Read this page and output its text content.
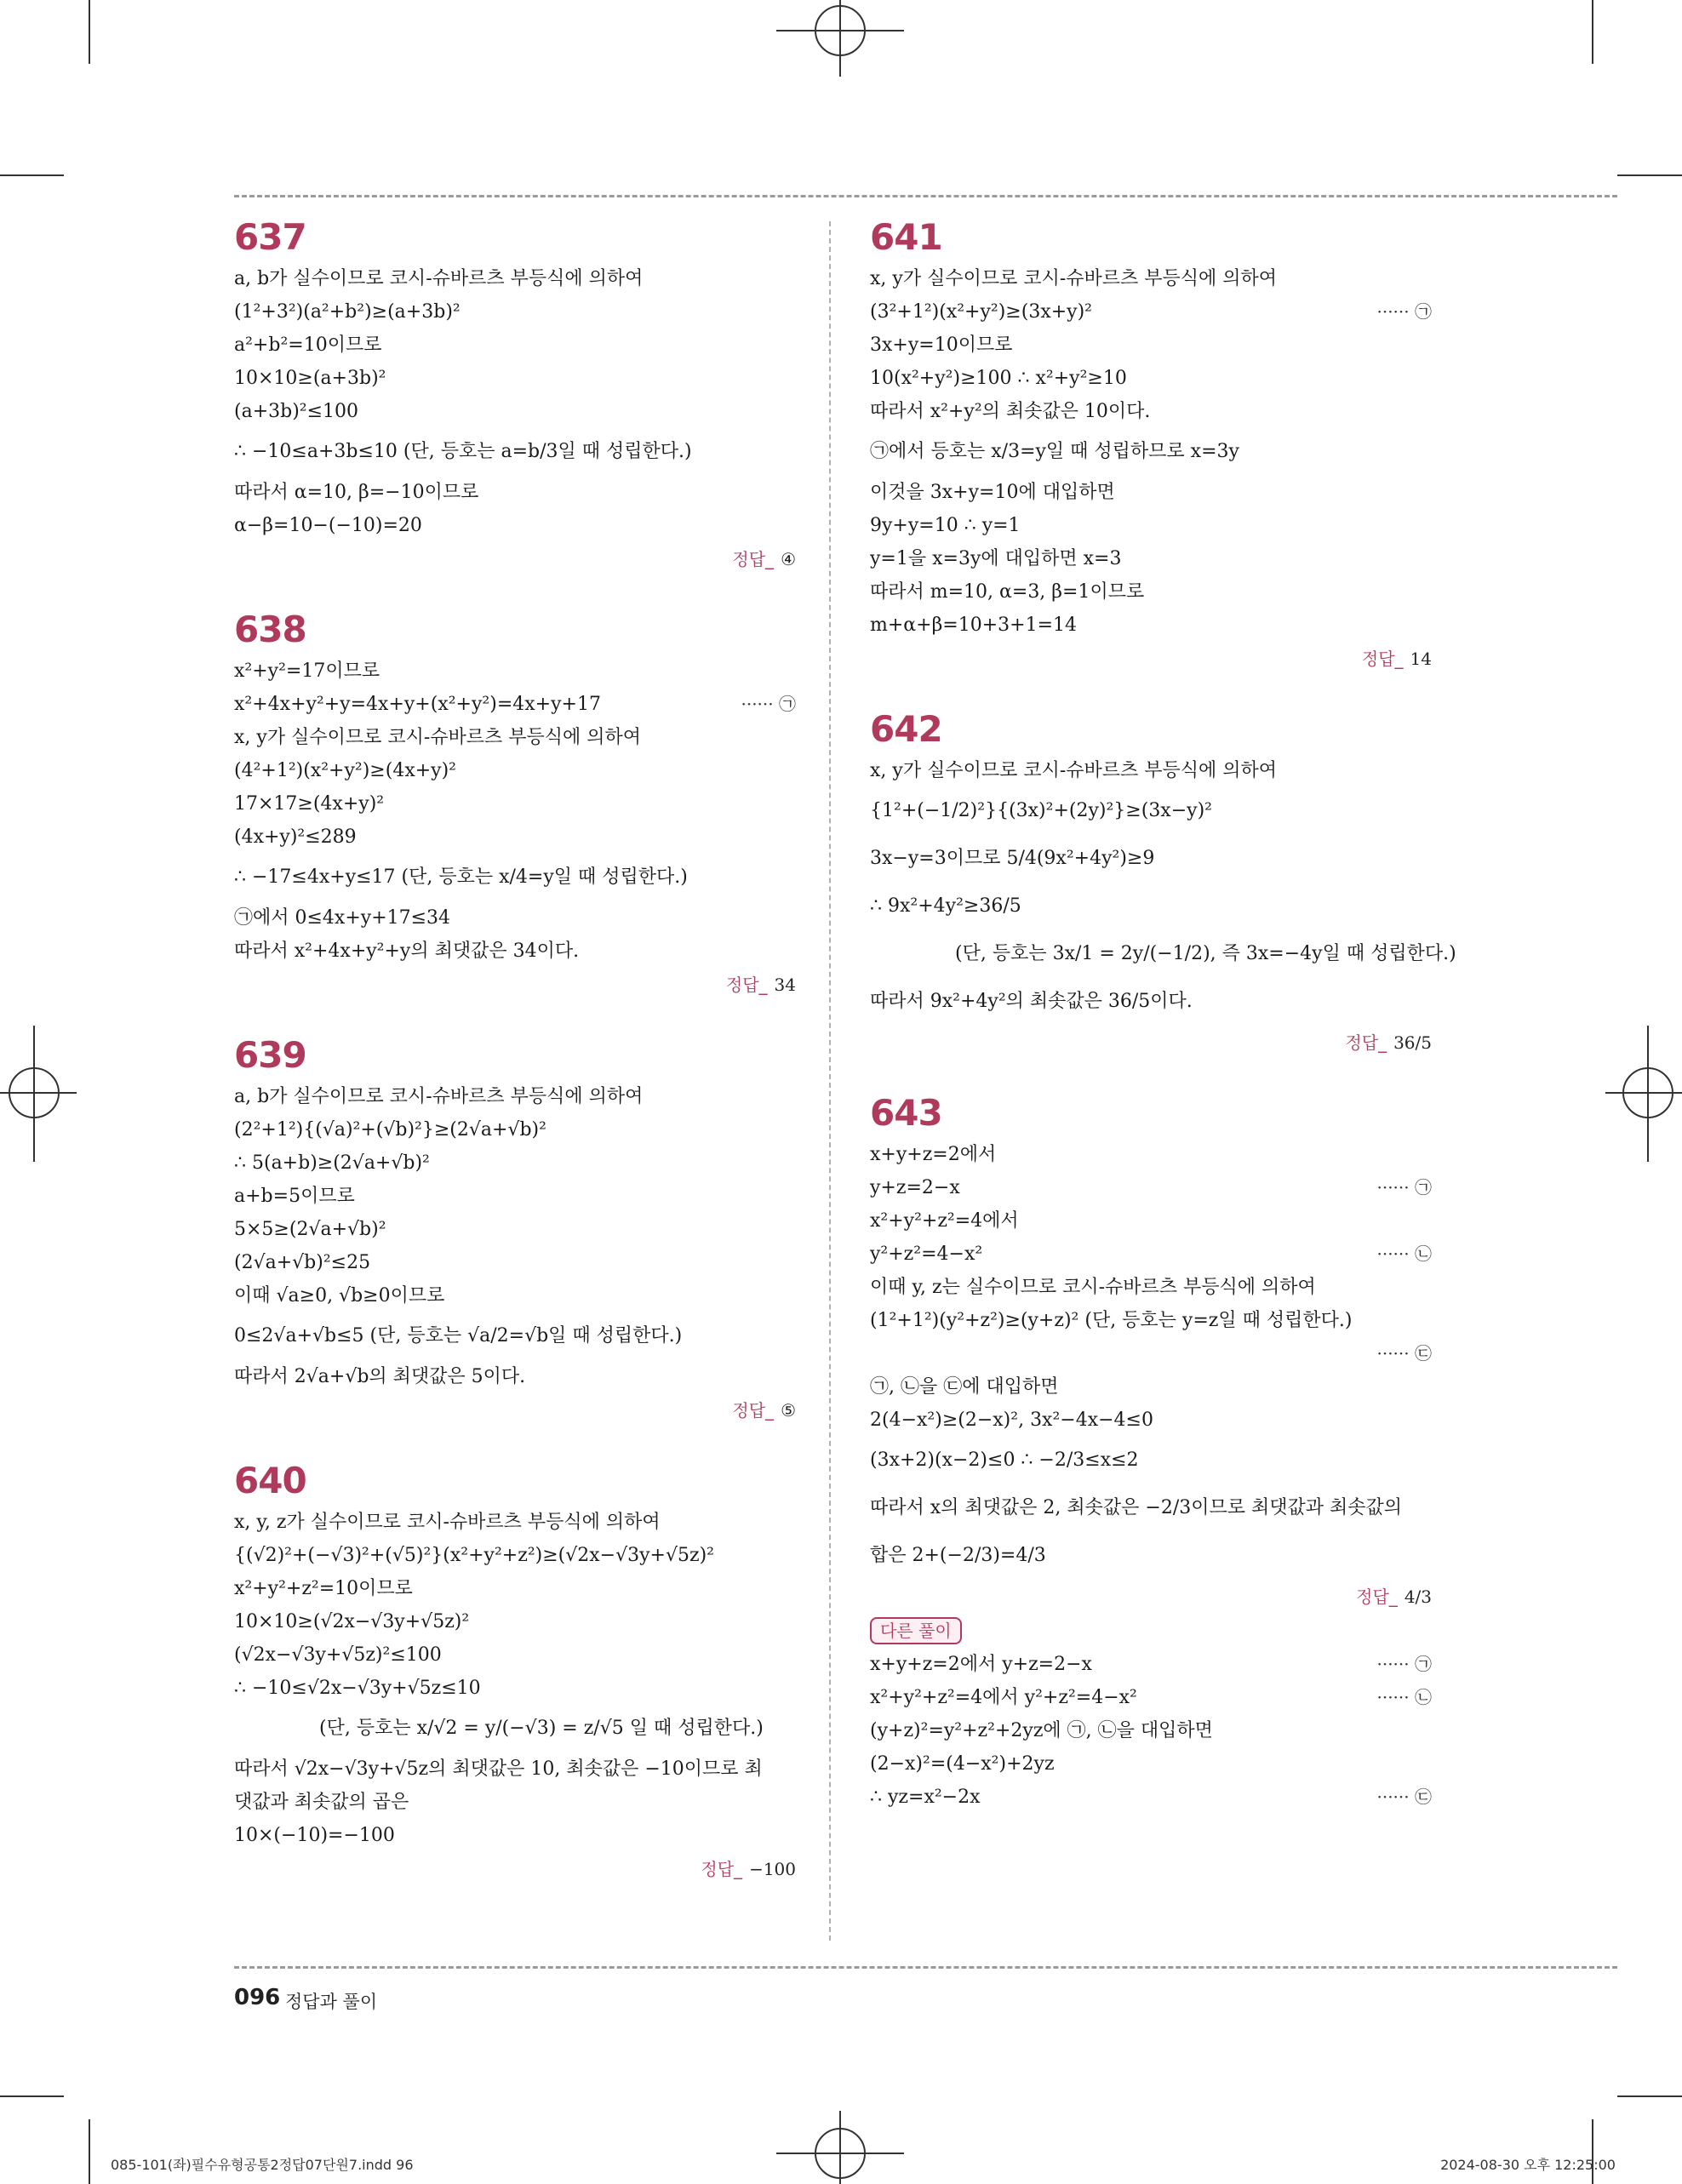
637
a, b가 실수이므로 코시-슈바르츠 부등식에 의하여
(1²+3²)(a²+b²)≥(a+3b)²
a²+b²=10이므로
10×10≥(a+3b)²
(a+3b)²≤100
∴ −10≤a+3b≤10 (단, 등호는 a=b/3일 때 성립한다.)
따라서 α=10, β=−10이므로
α−β=10−(−10)=20
정답_ ④
638
x²+y²=17이므로
x²+4x+y²+y=4x+y+(x²+y²)=4x+y+17	······ ㉠
x, y가 실수이므로 코시-슈바르츠 부등식에 의하여
(4²+1²)(x²+y²)≥(4x+y)²
17×17≥(4x+y)²
(4x+y)²≤289
∴ −17≤4x+y≤17 (단, 등호는 x/4=y일 때 성립한다.)
㉠에서 0≤4x+y+17≤34
따라서 x²+4x+y²+y의 최댓값은 34이다.
정답_ 34
639
a, b가 실수이므로 코시-슈바르츠 부등식에 의하여
(2²+1²){(√a)²+(√b)²}≥(2√a+√b)²
∴ 5(a+b)≥(2√a+√b)²
a+b=5이므로
5×5≥(2√a+√b)²
(2√a+√b)²≤25
이때 √a≥0, √b≥0이므로
0≤2√a+√b≤5 (단, 등호는 √a/2=√b일 때 성립한다.)
따라서 2√a+√b의 최댓값은 5이다.
정답_ ⑤
640
x, y, z가 실수이므로 코시-슈바르츠 부등식에 의하여
{(√2)²+(−√3)²+(√5)²}(x²+y²+z²)≥(√2x−√3y+√5z)²
x²+y²+z²=10이므로
10×10≥(√2x−√3y+√5z)²
(√2x−√3y+√5z)²≤100
∴ −10≤√2x−√3y+√5z≤10
(단, 등호는 x/√2 = y/(−√3) = z/√5 일 때 성립한다.)
따라서 √2x−√3y+√5z의 최댓값은 10, 최솟값은 −10이므로 최
댓값과 최솟값의 곱은
10×(−10)=−100
정답_ −100
641
x, y가 실수이므로 코시-슈바르츠 부등식에 의하여
(3²+1²)(x²+y²)≥(3x+y)²	······ ㉠
3x+y=10이므로
10(x²+y²)≥100 ∴ x²+y²≥10
따라서 x²+y²의 최솟값은 10이다.
㉠에서 등호는 x/3=y일 때 성립하므로 x=3y
이것을 3x+y=10에 대입하면
9y+y=10 ∴ y=1
y=1을 x=3y에 대입하면 x=3
따라서 m=10, α=3, β=1이므로
m+α+β=10+3+1=14
정답_ 14
642
x, y가 실수이므로 코시-슈바르츠 부등식에 의하여
{1²+(−1/2)²}{(3x)²+(2y)²}≥(3x−y)²
3x−y=3이므로 5/4(9x²+4y²)≥9
∴ 9x²+4y²≥36/5
(단, 등호는 3x/1 = 2y/(−1/2), 즉 3x=−4y일 때 성립한다.)
따라서 9x²+4y²의 최솟값은 36/5이다.
정답_ 36/5
643
x+y+z=2에서
y+z=2−x	······ ㉠
x²+y²+z²=4에서
y²+z²=4−x²	······ ㉡
이때 y, z는 실수이므로 코시-슈바르츠 부등식에 의하여
(1²+1²)(y²+z²)≥(y+z)² (단, 등호는 y=z일 때 성립한다.)
······ ㉢
㉠, ㉡을 ㉢에 대입하면
2(4−x²)≥(2−x)², 3x²−4x−4≤0
(3x+2)(x−2)≤0 ∴ −2/3≤x≤2
따라서 x의 최댓값은 2, 최솟값은 −2/3이므로 최댓값과 최솟값의
합은 2+(−2/3)=4/3
정답_ 4/3
다른 풀이
x+y+z=2에서 y+z=2−x	······ ㉠
x²+y²+z²=4에서 y²+z²=4−x²	······ ㉡
(y+z)²=y²+z²+2yz에 ㉠, ㉡을 대입하면
(2−x)²=(4−x²)+2yz
∴ yz=x²−2x	······ ㉢
096 정답과 풀이
085-101(좌)필수유형공통2정답07단원7.indd 96	2024-08-30 오후 12:25:00
